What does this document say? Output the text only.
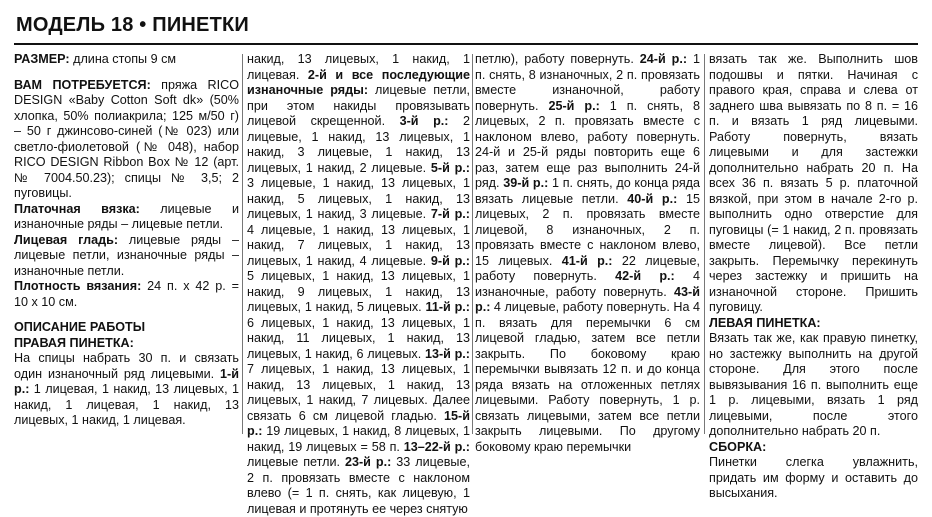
МОДЕЛЬ 18 • ПИНЕТКИ

РАЗМЕР: длина стопы 9 см

ВАМ ПОТРЕБУЕТСЯ: пряжа RICO DESIGN «Baby Cotton Soft dk» (50% хлопка, 50% полиакрила; 125 м/50 г) – 50 г джинсово-синей (№ 023) или светло-фиолетовой (№ 048), набор RICO DESIGN Ribbon Box № 12 (арт. № 7004.50.23); спицы № 3,5; 2 пуговицы.

Платочная вязка: лицевые и изнаночные ряды – лицевые петли.

Лицевая гладь: лицевые ряды – лицевые петли, изнаночные ряды – изнаночные петли.

Плотность вязания: 24 п. x 42 р. = 10 x 10 см.

ОПИСАНИЕ РАБОТЫ

ПРАВАЯ ПИНЕТКА:

На спицы набрать 30 п. и связать один изнаночный ряд лицевыми. 1-й р.: 1 лицевая, 1 накид, 13 лицевых, 1 накид, 1 лицевая, 1 накид, 13 лицевых, 1 накид, 1 лицевая.

накид, 13 лицевых, 1 накид, 1 лицевая. 2-й и все последующие изнаночные ряды: лицевые петли, при этом накиды провязывать лицевой скрещенной. 3-й р.: 2 лицевые, 1 накид, 13 лицевых, 1 накид, 3 лицевые, 1 накид, 13 лицевых, 1 накид, 2 лицевые. 5-й р.: 3 лицевые, 1 накид, 13 лицевых, 1 накид, 5 лицевых, 1 накид, 13 лицевых, 1 накид, 3 лицевые. 7-й р.: 4 лицевые, 1 накид, 13 лицевых, 1 накид, 7 лицевых, 1 накид, 13 лицевых, 1 накид, 4 лицевые. 9-й р.: 5 лицевых, 1 накид, 13 лицевых, 1 накид, 9 лицевых, 1 накид, 13 лицевых, 1 накид, 5 лицевых. 11-й р.: 6 лицевых, 1 накид, 13 лицевых, 1 накид, 11 лицевых, 1 накид, 13 лицевых, 1 накид, 6 лицевых. 13-й р.: 7 лицевых, 1 накид, 13 лицевых, 1 накид, 13 лицевых, 1 накид, 13 лицевых, 1 накид, 7 лицевых. Далее связать 6 см лицевой гладью. 15-й р.: 19 лицевых, 1 накид, 8 лицевых, 1 накид, 19 лицевых = 58 п. 13–22-й р.: лицевые петли. 23-й р.: 33 лицевые, 2 п. провязать вместе с наклоном влево (= 1 п. снять, как лицевую, 1 лицевая и протянуть ее через снятую

петлю), работу повернуть. 24-й р.: 1 п. снять, 8 изнаночных, 2 п. провязать вместе изнаночной, работу повернуть. 25-й р.: 1 п. снять, 8 лицевых, 2 п. провязать вместе с наклоном влево, работу повернуть. 24-й и 25-й ряды повторить еще 6 раз, затем еще раз выполнить 24-й ряд. 39-й р.: 1 п. снять, до конца ряда вязать лицевые петли. 40-й р.: 15 лицевых, 2 п. провязать вместе лицевой, 8 изнаночных, 2 п. провязать вместе с наклоном влево, 15 лицевых. 41-й р.: 22 лицевые, работу повернуть. 42-й р.: 4 изнаночные, работу повернуть. 43-й р.: 4 лицевые, работу повернуть. На 4 п. вязать для перемычки 6 см лицевой гладью, затем все петли закрыть. По боковому краю перемычки вывязать 12 п. и до конца ряда вязать на отложенных петлях лицевыми. Работу повернуть, 1 р. связать лицевыми, затем все петли закрыть лицевыми. По другому боковому краю перемычки

вязать так же. Выполнить шов подошвы и пятки. Начиная с правого края, справа и слева от заднего шва вывязать по 8 п. = 16 п. и вязать 1 ряд лицевыми. Работу повернуть, вязать лицевыми и для застежки дополнительно набрать 20 п. На всех 36 п. вязать 5 р. платочной вязкой, при этом в начале 2-го р. выполнить одно отверстие для пуговицы (= 1 накид, 2 п. провязать вместе лицевой). Все петли закрыть. Перемычку перекинуть через застежку и пришить на изнаночной стороне. Пришить пуговицу.

ЛЕВАЯ ПИНЕТКА:

Вязать так же, как правую пинетку, но застежку выполнить на другой стороне. Для этого после вывязывания 16 п. выполнить еще 1 р. лицевыми, вязать 1 ряд лицевыми, после этого дополнительно набрать 20 п.

СБОРКА:

Пинетки слегка увлажнить, придать им форму и оставить до высыхания.
